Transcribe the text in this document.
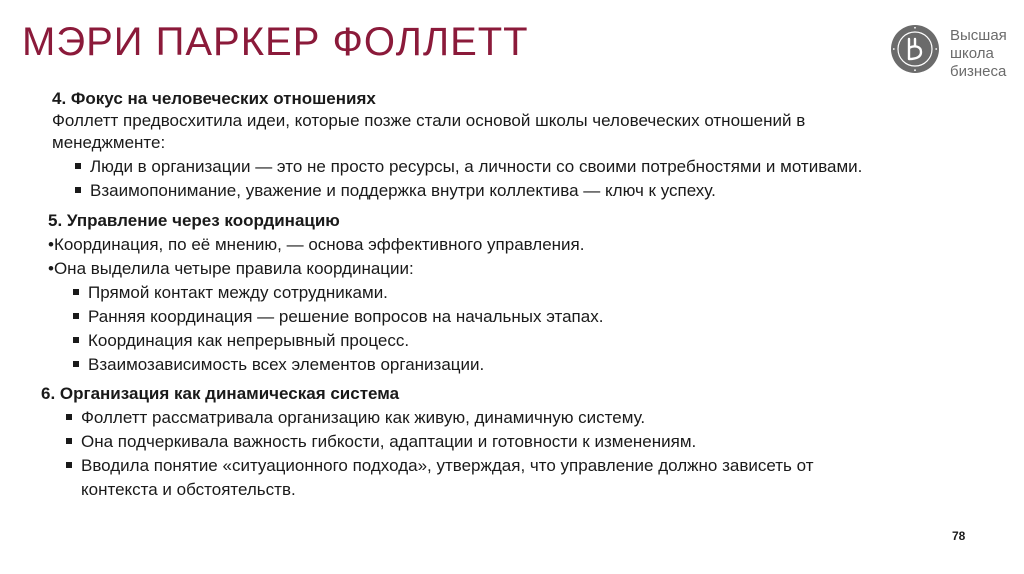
МЭРИ ПАРКЕР ФОЛЛЕТТ	Высшая
школа
бизнеса
4. Фокус на человеческих отношениях
Фоллетт предвосхитила идеи, которые позже стали основой школы человеческих отношений в
менеджменте:
Люди в организации — это не просто ресурсы, а личности со своими потребностями и мотивами.
Взаимопонимание, уважение и поддержка внутри коллектива — ключ к успеху.
5. Управление через координацию
•Координация, по её мнению, — основа эффективного управления.
•Она выделила четыре правила координации:
Прямой контакт между сотрудниками.
Ранняя координация — решение вопросов на начальных этапах.
Координация как непрерывный процесс.
Взаимозависимость всех элементов организации.
6. Организация как динамическая система
Фоллетт рассматривала организацию как живую, динамичную систему.
Она подчеркивала важность гибкости, адаптации и готовности к изменениям.
Вводила понятие «ситуационного подхода», утверждая, что управление должно зависеть от
контекста и обстоятельств.
78
